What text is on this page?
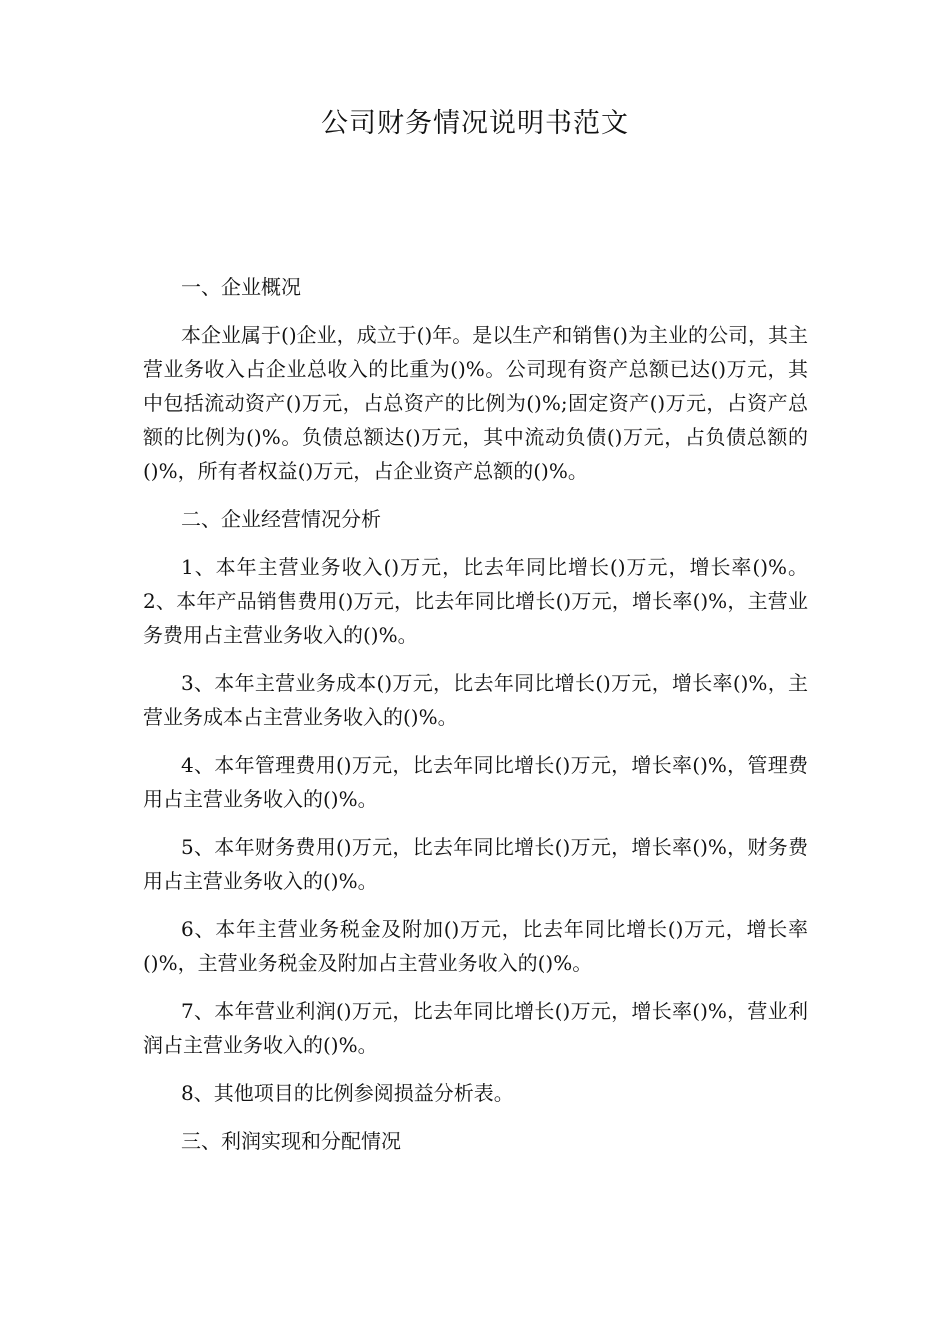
公司财务情况说明书范文

一、企业概况

本企业属于()企业，成立于()年。是以生产和销售()为主业的公司，其主营业务收入占企业总收入的比重为()%。公司现有资产总额已达()万元，其中包括流动资产()万元，占总资产的比例为()%;固定资产()万元，占资产总额的比例为()%。负债总额达()万元，其中流动负债()万元，占负债总额的()%，所有者权益()万元，占企业资产总额的()%。

二、企业经营情况分析

1、本年主营业务收入()万元，比去年同比增长()万元，增长率()%。2、本年产品销售费用()万元，比去年同比增长()万元，增长率()%，主营业务费用占主营业务收入的()%。

3、本年主营业务成本()万元，比去年同比增长()万元，增长率()%，主营业务成本占主营业务收入的()%。

4、本年管理费用()万元，比去年同比增长()万元，增长率()%，管理费用占主营业务收入的()%。

5、本年财务费用()万元，比去年同比增长()万元，增长率()%，财务费用占主营业务收入的()%。

6、本年主营业务税金及附加()万元，比去年同比增长()万元，增长率()%，主营业务税金及附加占主营业务收入的()%。

7、本年营业利润()万元，比去年同比增长()万元，增长率()%，营业利润占主营业务收入的()%。

8、其他项目的比例参阅损益分析表。

三、利润实现和分配情况
